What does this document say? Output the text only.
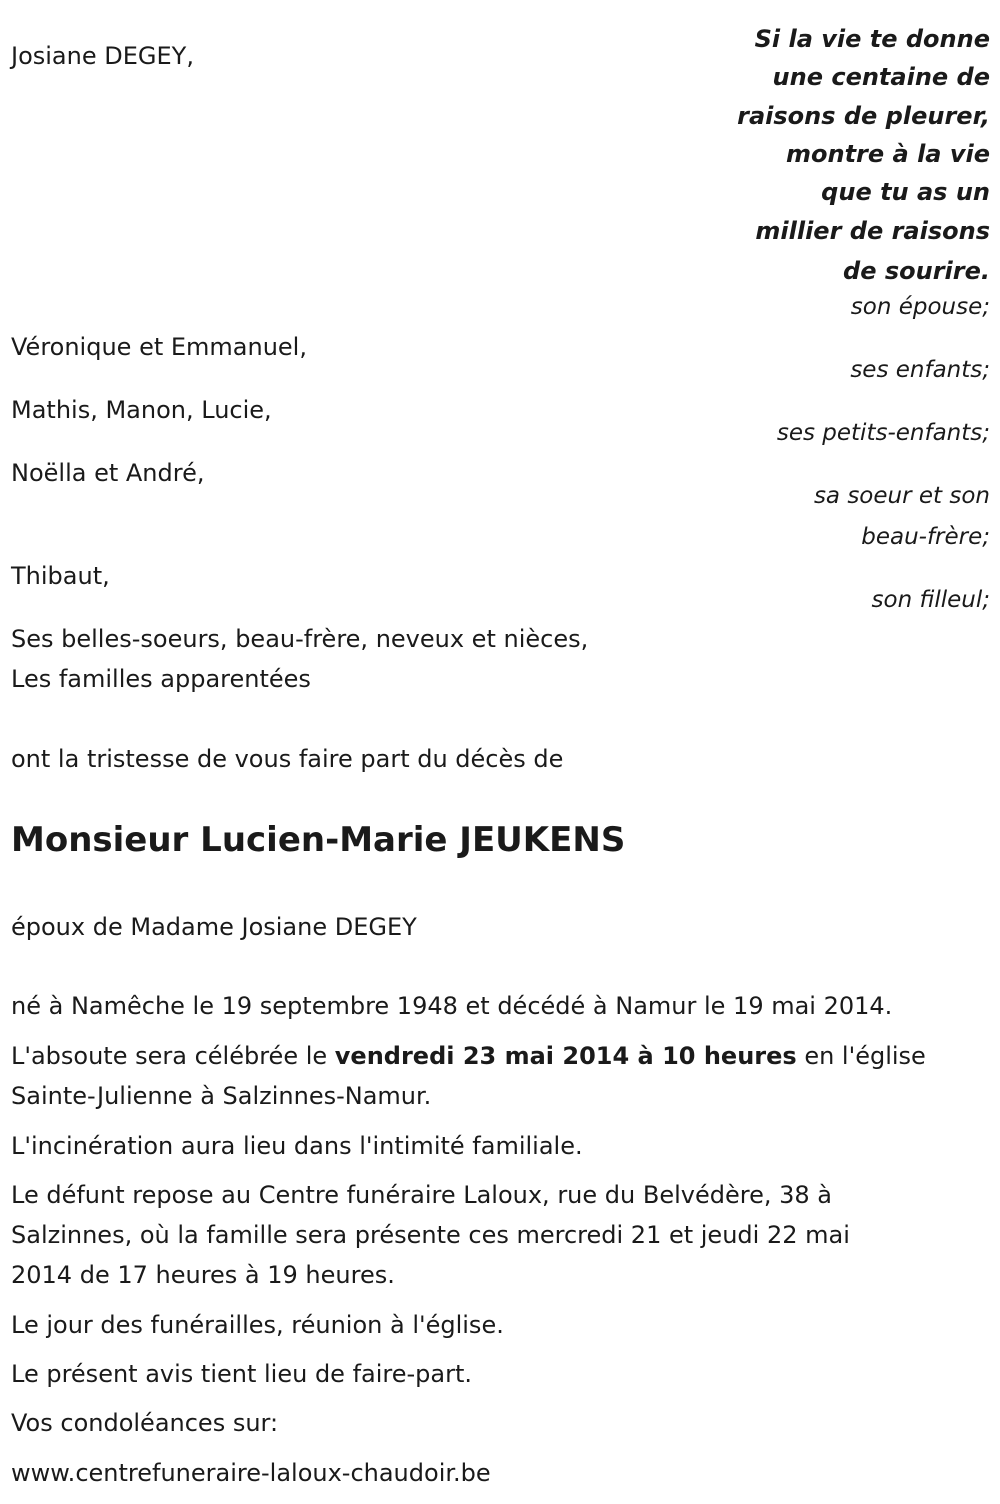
Si la vie te donne
une centaine de
raisons de pleurer,
montre à la vie
que tu as un
millier de raisons
de sourire.
Josiane DEGEY,
son épouse;
Véronique et Emmanuel,
ses enfants;
Mathis, Manon, Lucie,
ses petits-enfants;
Noëlla et André,
sa soeur et son
beau-frère;
Thibaut,
son filleul;
Ses belles-soeurs, beau-frère, neveux et nièces,
Les familles apparentées
ont la tristesse de vous faire part du décès de
Monsieur Lucien-Marie JEUKENS
époux de Madame Josiane DEGEY
né à Namêche le 19 septembre 1948 et décédé à Namur le 19 mai 2014.
L'absoute sera célébrée le vendredi 23 mai 2014 à 10 heures en l'église
Sainte-Julienne à Salzinnes-Namur.
L'incinération aura lieu dans l'intimité familiale.
Le défunt repose au Centre funéraire Laloux, rue du Belvédère, 38 à
Salzinnes, où la famille sera présente ces mercredi 21 et jeudi 22 mai
2014 de 17 heures à 19 heures.
Le jour des funérailles, réunion à l'église.
Le présent avis tient lieu de faire-part.
Vos condoléances sur:
www.centrefuneraire-laloux-chaudoir.be
